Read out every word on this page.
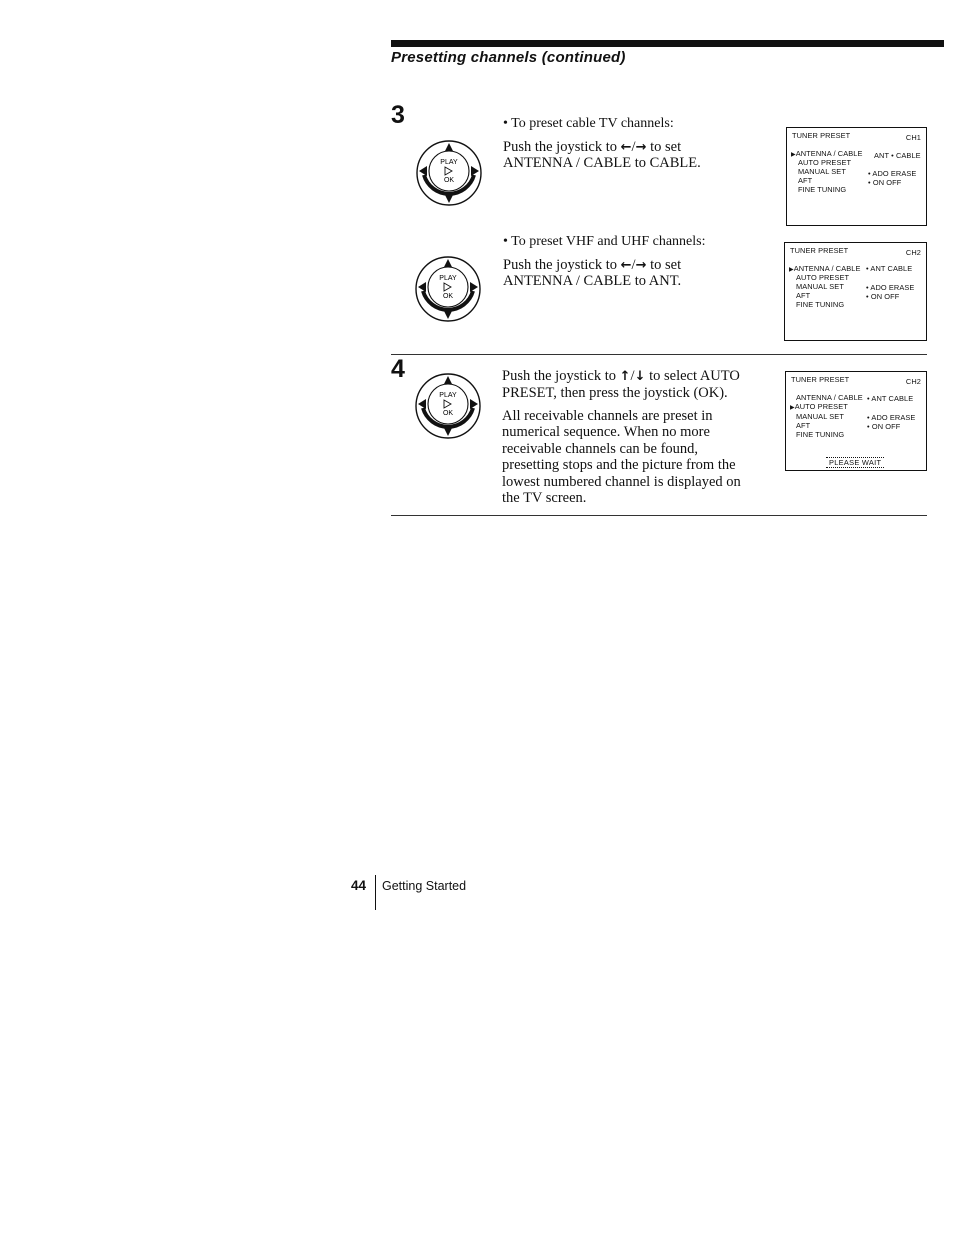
Presetting channels (continued)
3
PLAY
OK
• To preset cable TV channels:
Push the joystick to ←/→ to set
ANTENNA / CABLE to CABLE.
TUNER PRESET	CH1
▶ANTENNA / CABLE ANT • CABLE
AUTO PRESET
MANUAL SET	• ADO ERASE
AFT	• ON OFF
FINE TUNING
PLAY
OK
• To preset VHF and UHF channels:
Push the joystick to ←/→ to set
ANTENNA / CABLE to ANT.
TUNER PRESET	CH2
▶ANTENNA / CABLE • ANT CABLE
AUTO PRESET
MANUAL SET	• ADO ERASE
AFT	• ON OFF
FINE TUNING
4
PLAY
OK
Push the joystick to ↑/↓ to select AUTO
PRESET, then press the joystick (OK).
All receivable channels are preset in
numerical sequence. When no more
receivable channels can be found,
presetting stops and the picture from the
lowest numbered channel is displayed on
the TV screen.
TUNER PRESET	CH2
ANTENNA / CABLE • ANT CABLE
▶AUTO PRESET
MANUAL SET	• ADO ERASE
AFT	• ON OFF
FINE TUNING
PLEASE WAIT
44 Getting Started
